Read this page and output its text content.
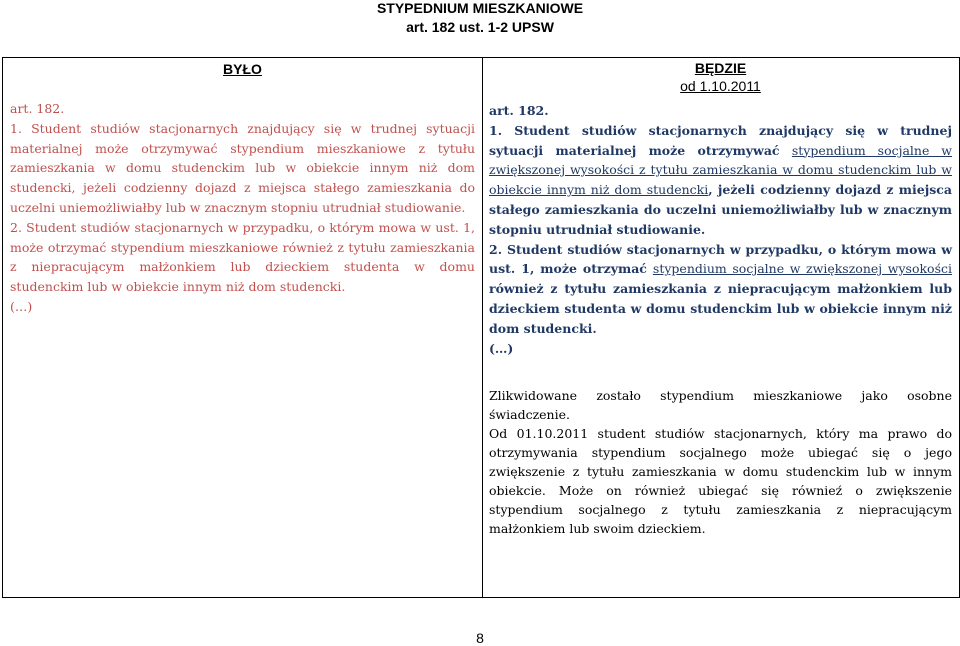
STYPEDNIUM MIESZKANIOWE
art. 182 ust. 1-2 UPSW
BYŁO
art. 182.
1. Student studiów stacjonarnych znajdujący się w trudnej sytuacji materialnej może otrzymywać stypendium mieszkaniowe z tytułu zamieszkania w domu studenckim lub w obiekcie innym niż dom studencki, jeżeli codzienny dojazd z miejsca stałego zamieszkania do uczelni uniemożliwiałby lub w znacznym stopniu utrudniał studiowanie.
2. Student studiów stacjonarnych w przypadku, o którym mowa w ust. 1, może otrzymać stypendium mieszkaniowe również z tytułu zamieszkania z niepracującym małżonkiem lub dzieckiem studenta w domu studenckim lub w obiekcie innym niż dom studencki.
(…)

BĘDZIE
od 1.10.2011
art. 182.
1. Student studiów stacjonarnych znajdujący się w trudnej sytuacji materialnej może otrzymywać stypendium socjalne w zwiększonej wysokości z tytułu zamieszkania w domu studenckim lub w obiekcie innym niż dom studencki, jeżeli codzienny dojazd z miejsca stałego zamieszkania do uczelni uniemożliwiałby lub w znacznym stopniu utrudniał studiowanie.
2. Student studiów stacjonarnych w przypadku, o którym mowa w ust. 1, może otrzymać stypendium socjalne w zwiększonej wysokości również z tytułu zamieszkania z niepracującym małżonkiem lub dzieckiem studenta w domu studenckim lub w obiekcie innym niż dom studencki.
(…)
Zlikwidowane zostało stypendium mieszkaniowe jako osobne świadczenie.
Od 01.10.2011 student studiów stacjonarnych, który ma prawo do otrzymywania stypendium socjalnego może ubiegać się o jego zwiększenie z tytułu zamieszkania w domu studenckim lub w innym obiekcie. Może on również ubiegać się równieź o zwiększenie stypendium socjalnego z tytułu zamieszkania z niepracującym małżonkiem lub swoim dzieckiem.
8
